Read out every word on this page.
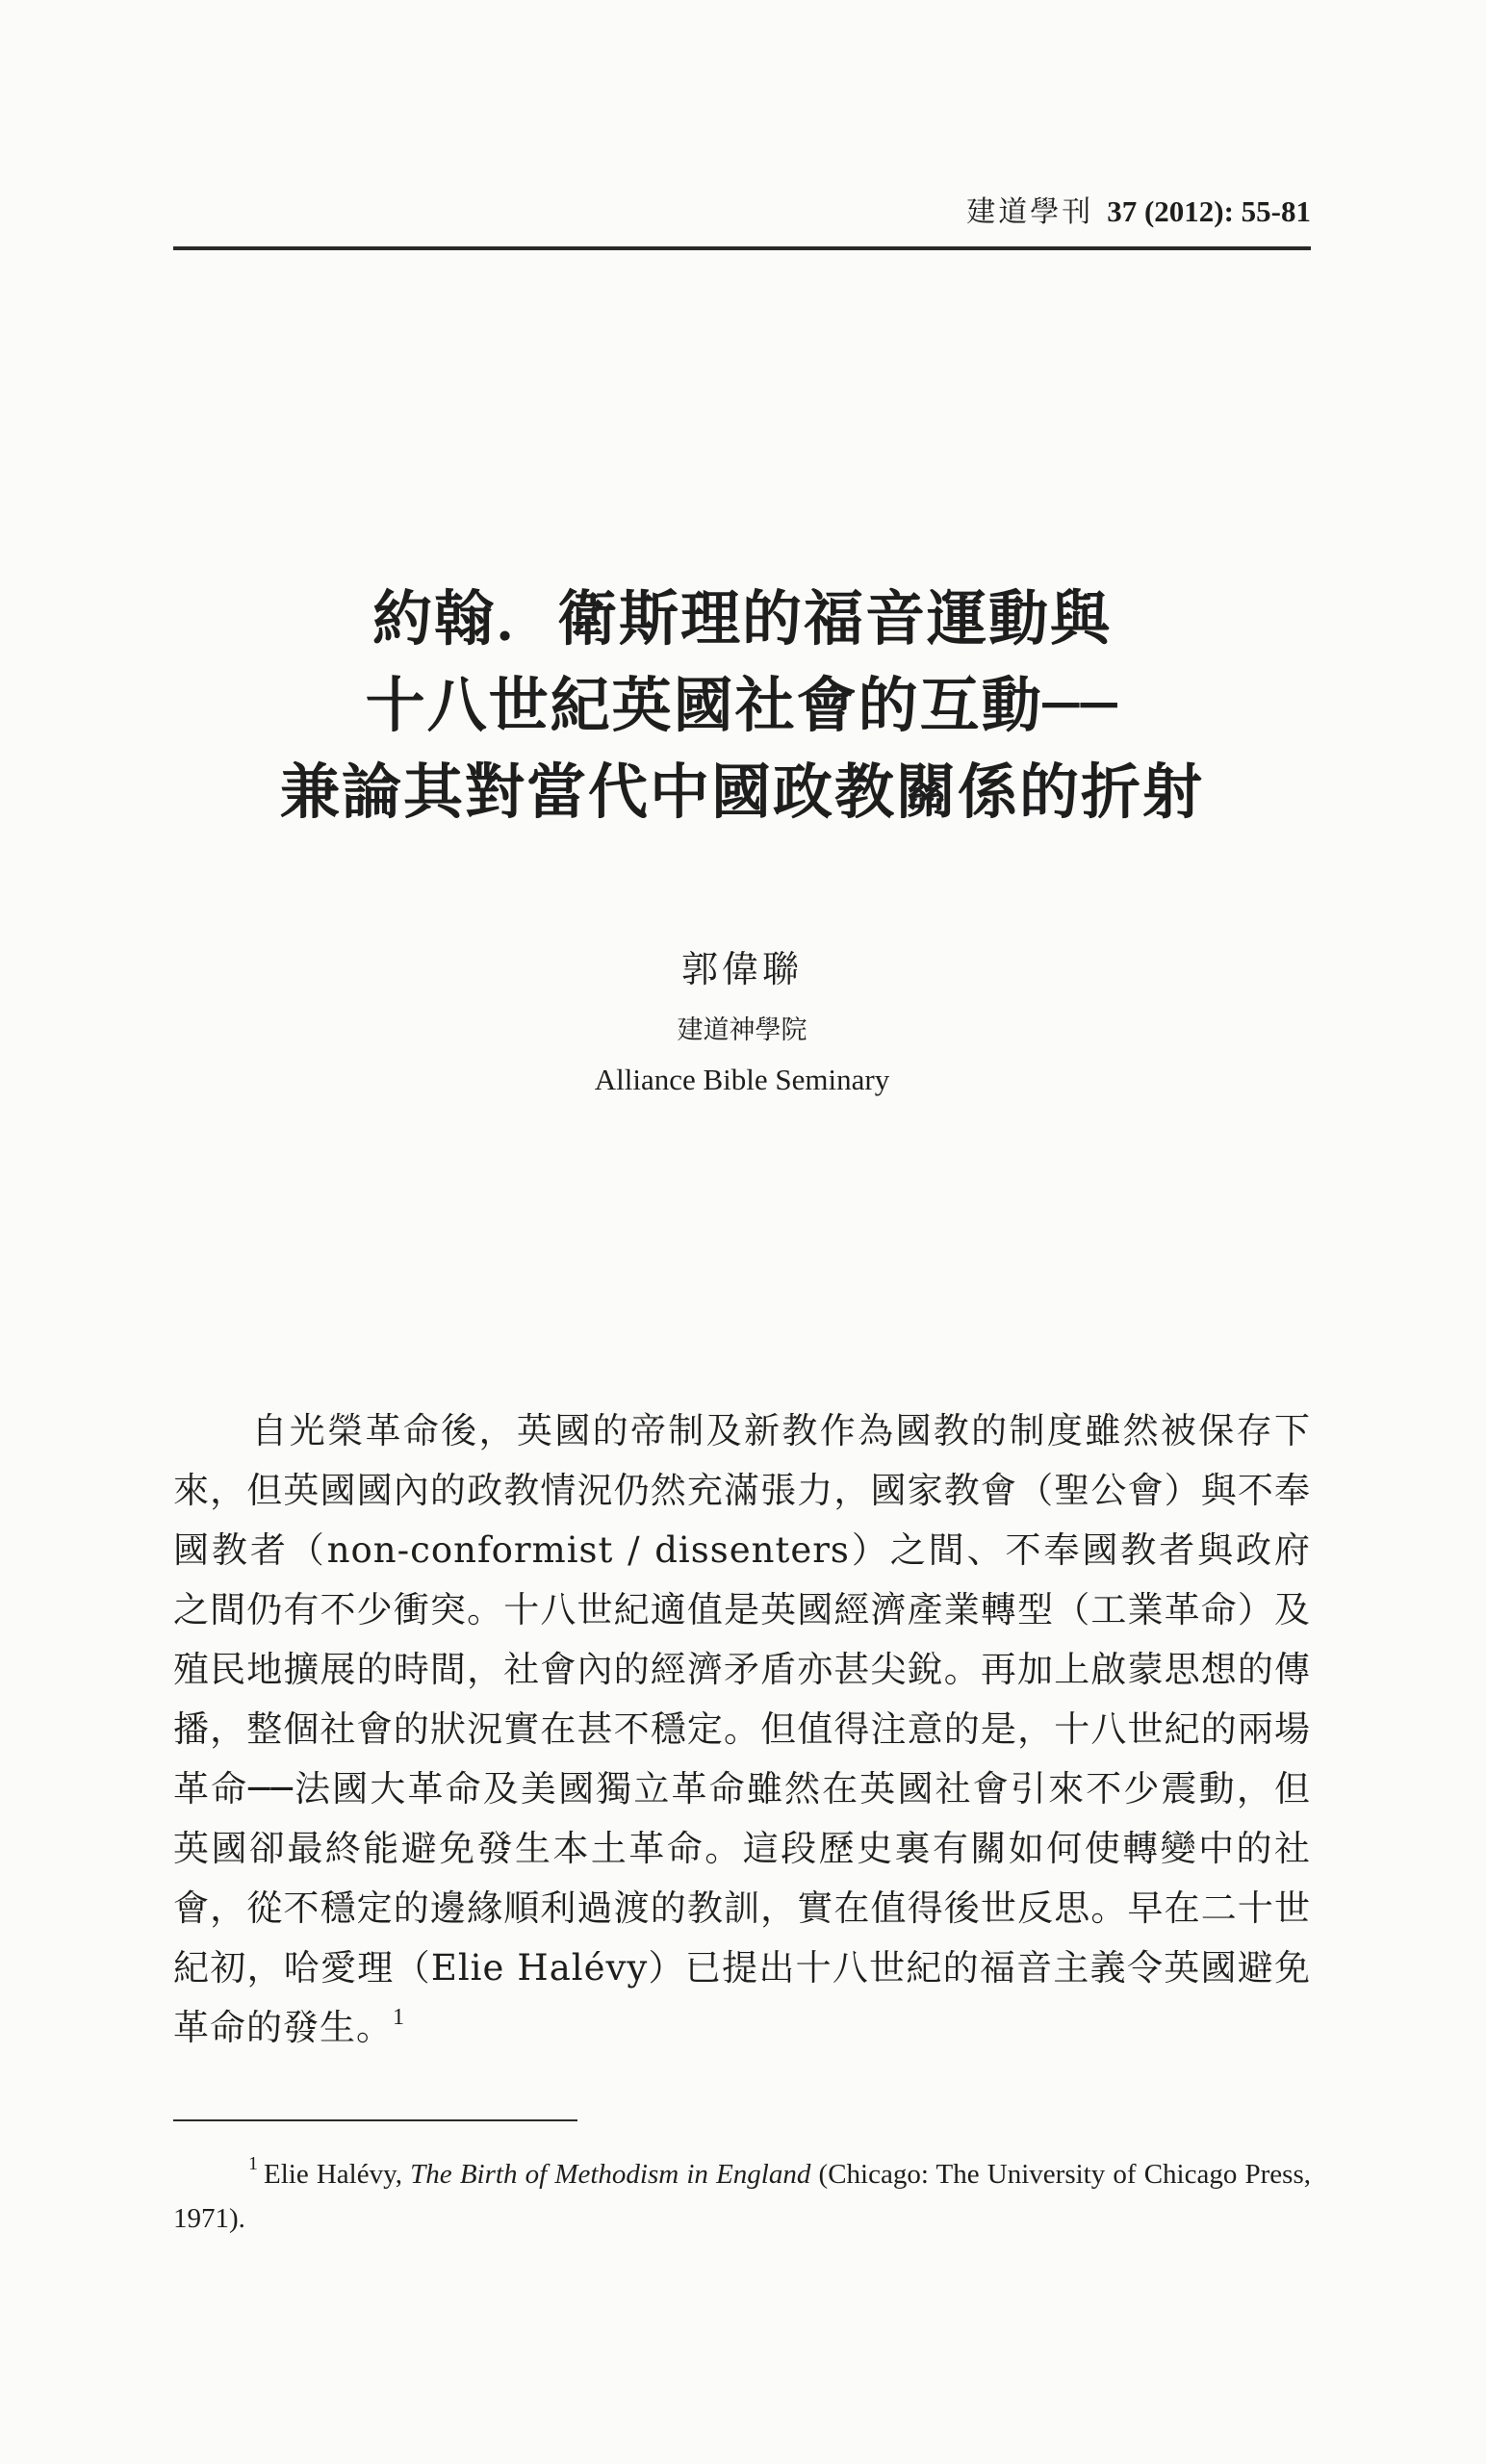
建道學刊 37 (2012): 55-81
約翰．衛斯理的福音運動與
十八世紀英國社會的互動──
兼論其對當代中國政教關係的折射
郭偉聯
建道神學院
Alliance Bible Seminary

自光榮革命後，英國的帝制及新教作為國教的制度雖然被保存下來，但英國國內的政教情況仍然充滿張力，國家教會（聖公會）與不奉國教者（non-conformist / dissenters）之間、不奉國教者與政府之間仍有不少衝突。十八世紀適值是英國經濟產業轉型（工業革命）及殖民地擴展的時間，社會內的經濟矛盾亦甚尖銳。再加上啟蒙思想的傳播，整個社會的狀況實在甚不穩定。但值得注意的是，十八世紀的兩場革命──法國大革命及美國獨立革命雖然在英國社會引來不少震動，但英國卻最終能避免發生本土革命。這段歷史裏有關如何使轉變中的社會，從不穩定的邊緣順利過渡的教訓，實在值得後世反思。早在二十世紀初，哈愛理（Elie Halévy）已提出十八世紀的福音主義令英國避免革命的發生。$^1$

$^1$ Elie Halévy, The Birth of Methodism in England (Chicago: The University of Chicago Press, 1971).
